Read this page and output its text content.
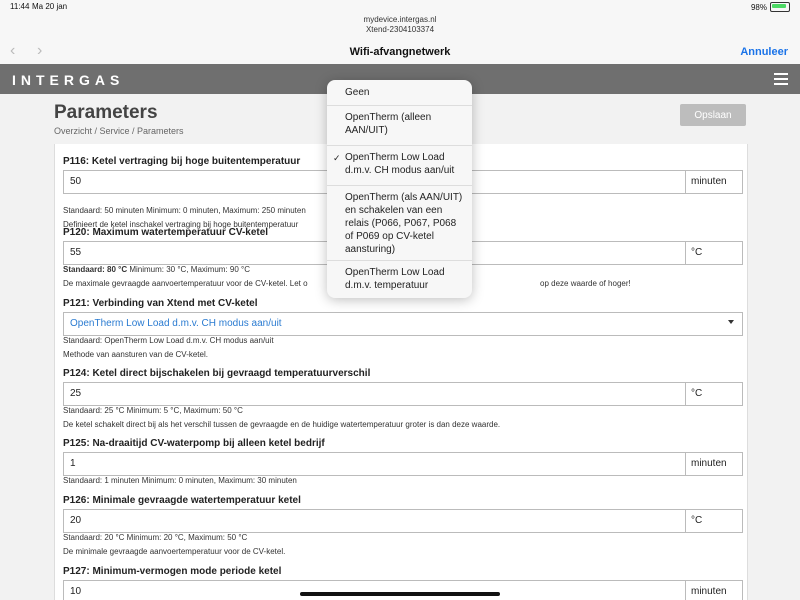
11:44 Ma 20 jan	98%
mydevice.intergas.nl
Xtend-2304103374
‹ ›	Wifi-afvangnetwerk	Annuleer
INTERGAS
Parameters
Overzicht / Service / Parameters
Opslaan
P116: Ketel vertraging bij hoge buitentemperatuur
50	minuten
Standaard: 50 minuten Minimum: 0 minuten, Maximum: 250 minuten
Definieert de ketel inschakel vertraging bij hoge buitentemperatuur
P120: Maximum watertemperatuur CV-ketel
55	°C
Standaard: 80 °C Minimum: 30 °C, Maximum: 90 °C
De maximale gevraagde aanvoertemperatuur voor de CV-ketel. Let o	op deze waarde of hoger!
P121: Verbinding van Xtend met CV-ketel
OpenTherm Low Load d.m.v. CH modus aan/uit
Standaard: OpenTherm Low Load d.m.v. CH modus aan/uit
Methode van aansturen van de CV-ketel.
P124: Ketel direct bijschakelen bij gevraagd temperatuurverschil
25	°C
Standaard: 25 °C Minimum: 5 °C, Maximum: 50 °C
De ketel schakelt direct bij als het verschil tussen de gevraagde en de huidige watertemperatuur groter is dan deze waarde.
P125: Na-draaitijd CV-waterpomp bij alleen ketel bedrijf
1	minuten
Standaard: 1 minuten Minimum: 0 minuten, Maximum: 30 minuten
P126: Minimale gevraagde watertemperatuur ketel
20	°C
Standaard: 20 °C Minimum: 20 °C, Maximum: 50 °C
De minimale gevraagde aanvoertemperatuur voor de CV-ketel.
P127: Minimum-vermogen mode periode ketel
10	minuten
Geen
OpenTherm (alleen AAN/UIT)
✓ OpenTherm Low Load d.m.v. CH modus aan/uit
OpenTherm (als AAN/UIT) en schakelen van een relais (P066, P067, P068 of P069 op CV-ketel aansturing)
OpenTherm Low Load d.m.v. temperatuur
